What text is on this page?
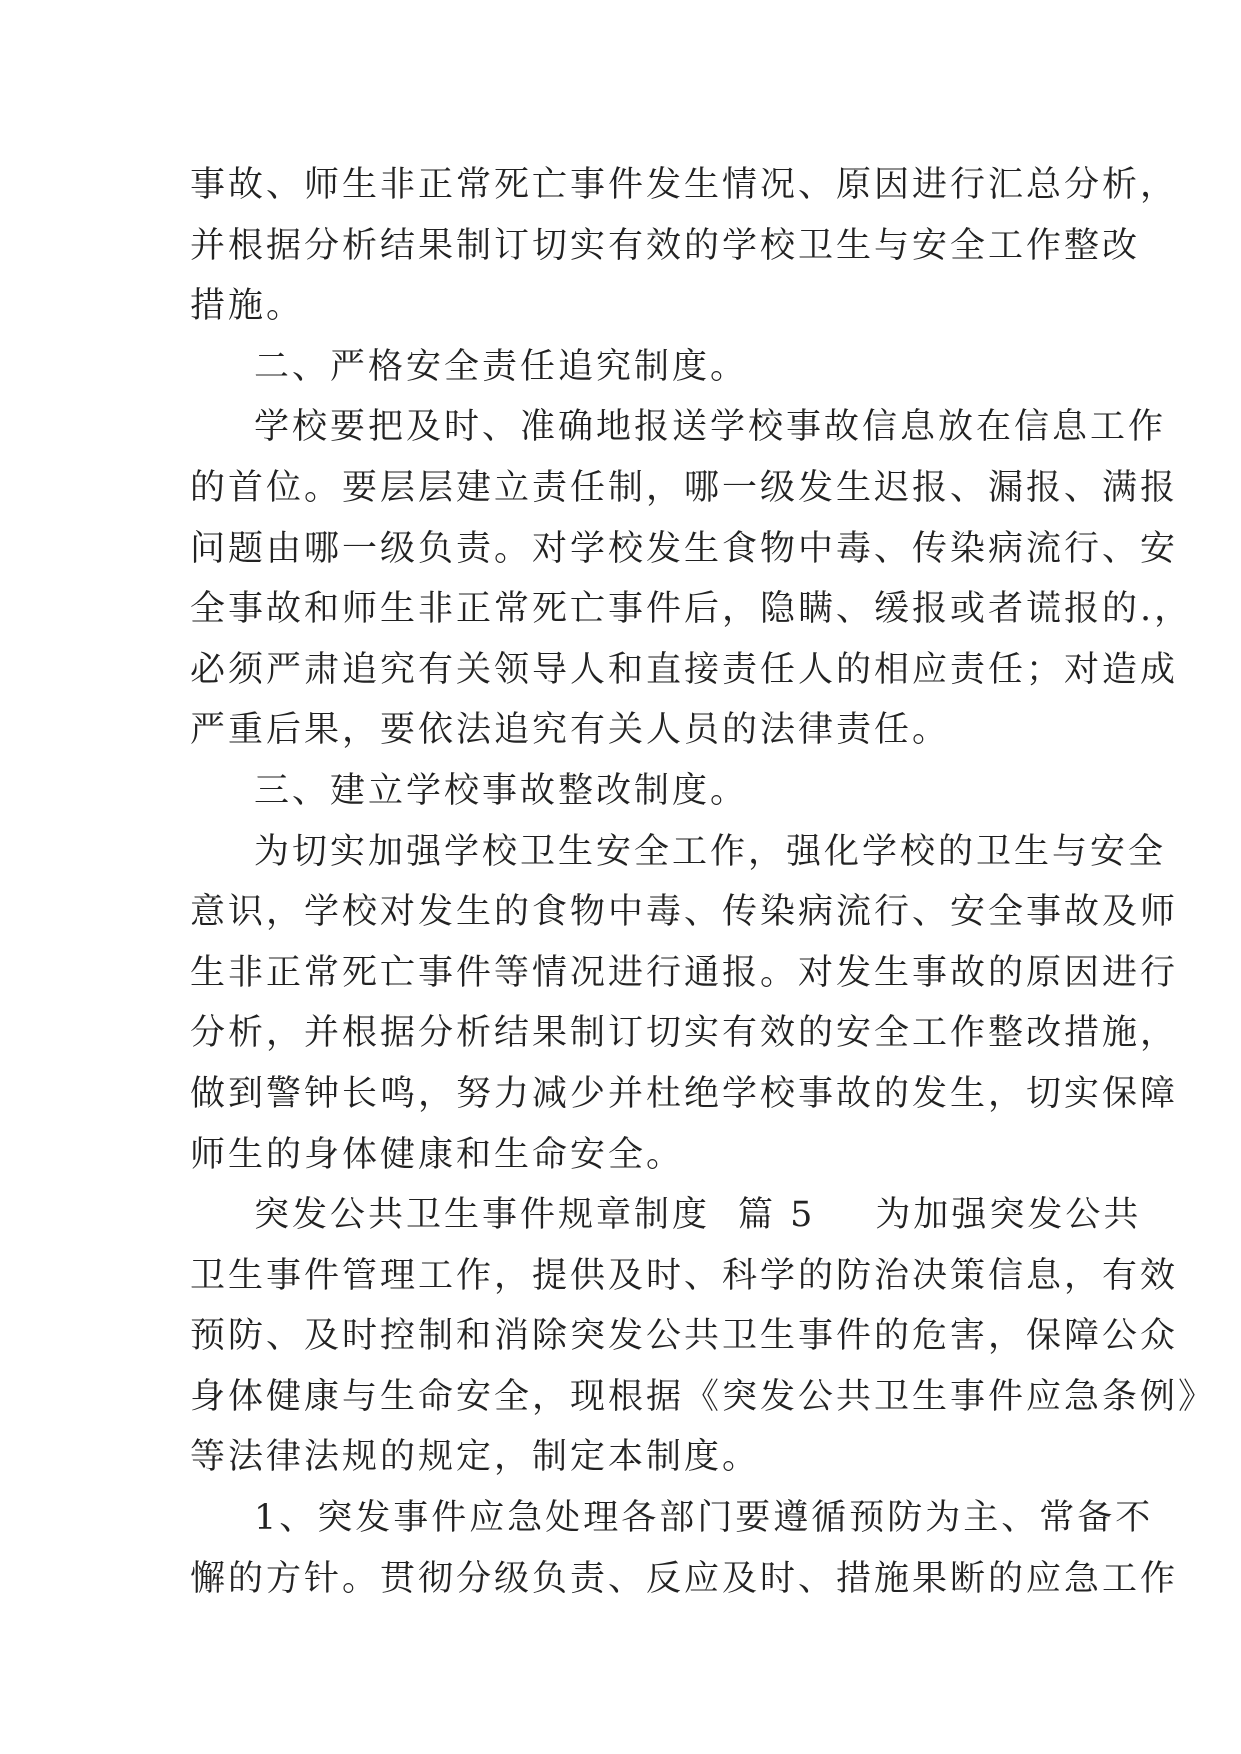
事故、师生非正常死亡事件发生情况、原因进行汇总分析，
并根据分析结果制订切实有效的学校卫生与安全工作整改
措施。
二、严格安全责任追究制度。
学校要把及时、准确地报送学校事故信息放在信息工作
的首位。要层层建立责任制，哪一级发生迟报、漏报、满报
问题由哪一级负责。对学校发生食物中毒、传染病流行、安
全事故和师生非正常死亡事件后，隐瞒、缓报或者谎报的.，
必须严肃追究有关领导人和直接责任人的相应责任；对造成
严重后果，要依法追究有关人员的法律责任。
三、建立学校事故整改制度。
为切实加强学校卫生安全工作，强化学校的卫生与安全
意识，学校对发生的食物中毒、传染病流行、安全事故及师
生非正常死亡事件等情况进行通报。对发生事故的原因进行
分析，并根据分析结果制订切实有效的安全工作整改措施，
做到警钟长鸣，努力减少并杜绝学校事故的发生，切实保障
师生的身体健康和生命安全。
突发公共卫生事件规章制度 篇 5 为加强突发公共
卫生事件管理工作，提供及时、科学的防治决策信息，有效
预防、及时控制和消除突发公共卫生事件的危害，保障公众
身体健康与生命安全，现根据《突发公共卫生事件应急条例》
等法律法规的规定，制定本制度。
1、突发事件应急处理各部门要遵循预防为主、常备不
懈的方针。贯彻分级负责、反应及时、措施果断的应急工作
